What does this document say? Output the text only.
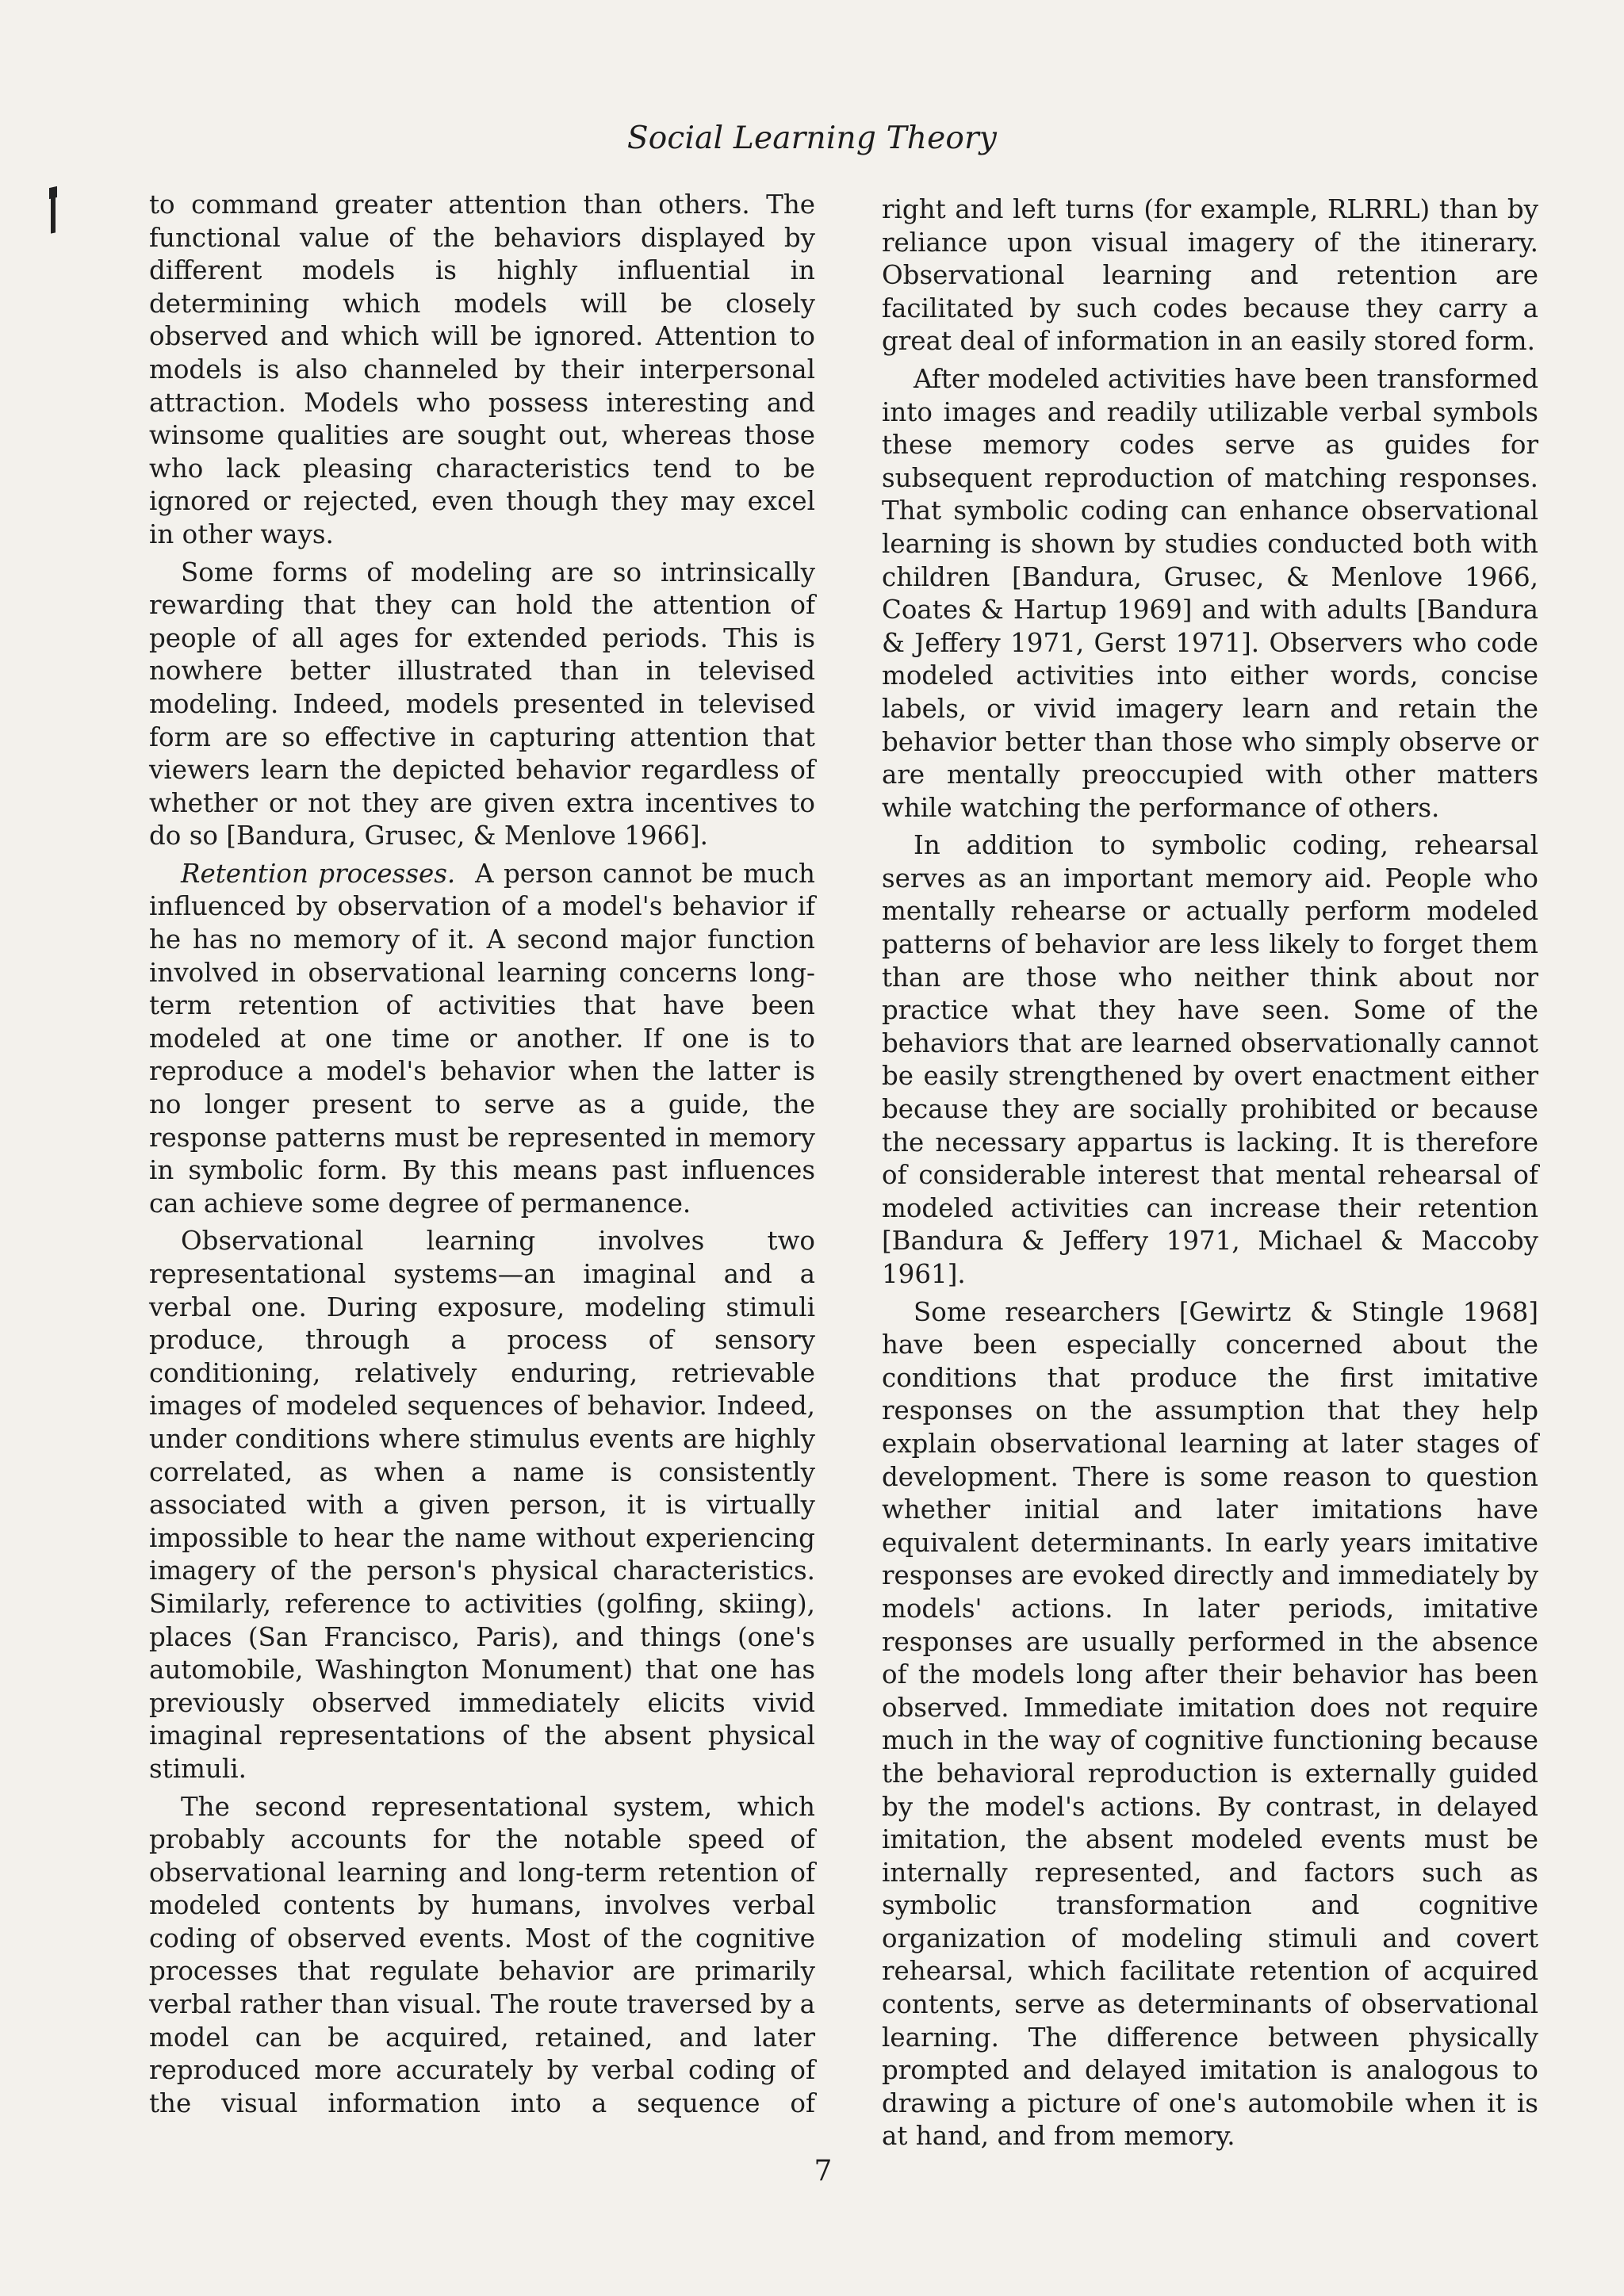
Social Learning Theory

to command greater attention than others. The functional value of the behaviors displayed by different models is highly influential in determining which models will be closely observed and which will be ignored. Attention to models is also channeled by their interpersonal attraction. Models who possess interesting and winsome qualities are sought out, whereas those who lack pleasing characteristics tend to be ignored or rejected, even though they may excel in other ways.

Some forms of modeling are so intrinsically rewarding that they can hold the attention of people of all ages for extended periods. This is nowhere better illustrated than in televised modeling. Indeed, models presented in televised form are so effective in capturing attention that viewers learn the depicted behavior regardless of whether or not they are given extra incentives to do so [Bandura, Grusec, & Menlove 1966].

Retention processes. A person cannot be much influenced by observation of a model's behavior if he has no memory of it. A second major function involved in observational learning concerns long-term retention of activities that have been modeled at one time or another. If one is to reproduce a model's behavior when the latter is no longer present to serve as a guide, the response patterns must be represented in memory in symbolic form. By this means past influences can achieve some degree of permanence.

Observational learning involves two representational systems—an imaginal and a verbal one. During exposure, modeling stimuli produce, through a process of sensory conditioning, relatively enduring, retrievable images of modeled sequences of behavior. Indeed, under conditions where stimulus events are highly correlated, as when a name is consistently associated with a given person, it is virtually impossible to hear the name without experiencing imagery of the person's physical characteristics. Similarly, reference to activities (golfing, skiing), places (San Francisco, Paris), and things (one's automobile, Washington Monument) that one has previously observed immediately elicits vivid imaginal representations of the absent physical stimuli.

The second representational system, which probably accounts for the notable speed of observational learning and long-term retention of modeled contents by humans, involves verbal coding of observed events. Most of the cognitive processes that regulate behavior are primarily verbal rather than visual. The route traversed by a model can be acquired, retained, and later reproduced more accurately by verbal coding of the visual information into a sequence of

right and left turns (for example, RLRRL) than by reliance upon visual imagery of the itinerary. Observational learning and retention are facilitated by such codes because they carry a great deal of information in an easily stored form.

After modeled activities have been transformed into images and readily utilizable verbal symbols these memory codes serve as guides for subsequent reproduction of matching responses. That symbolic coding can enhance observational learning is shown by studies conducted both with children [Bandura, Grusec, & Menlove 1966, Coates & Hartup 1969] and with adults [Bandura & Jeffery 1971, Gerst 1971]. Observers who code modeled activities into either words, concise labels, or vivid imagery learn and retain the behavior better than those who simply observe or are mentally preoccupied with other matters while watching the performance of others.

In addition to symbolic coding, rehearsal serves as an important memory aid. People who mentally rehearse or actually perform modeled patterns of behavior are less likely to forget them than are those who neither think about nor practice what they have seen. Some of the behaviors that are learned observationally cannot be easily strengthened by overt enactment either because they are socially prohibited or because the necessary appartus is lacking. It is therefore of considerable interest that mental rehearsal of modeled activities can increase their retention [Bandura & Jeffery 1971, Michael & Maccoby 1961].

Some researchers [Gewirtz & Stingle 1968] have been especially concerned about the conditions that produce the first imitative responses on the assumption that they help explain observational learning at later stages of development. There is some reason to question whether initial and later imitations have equivalent determinants. In early years imitative responses are evoked directly and immediately by models' actions. In later periods, imitative responses are usually performed in the absence of the models long after their behavior has been observed. Immediate imitation does not require much in the way of cognitive functioning because the behavioral reproduction is externally guided by the model's actions. By contrast, in delayed imitation, the absent modeled events must be internally represented, and factors such as symbolic transformation and cognitive organization of modeling stimuli and covert rehearsal, which facilitate retention of acquired contents, serve as determinants of observational learning. The difference between physically prompted and delayed imitation is analogous to drawing a picture of one's automobile when it is at hand, and from memory.

7
